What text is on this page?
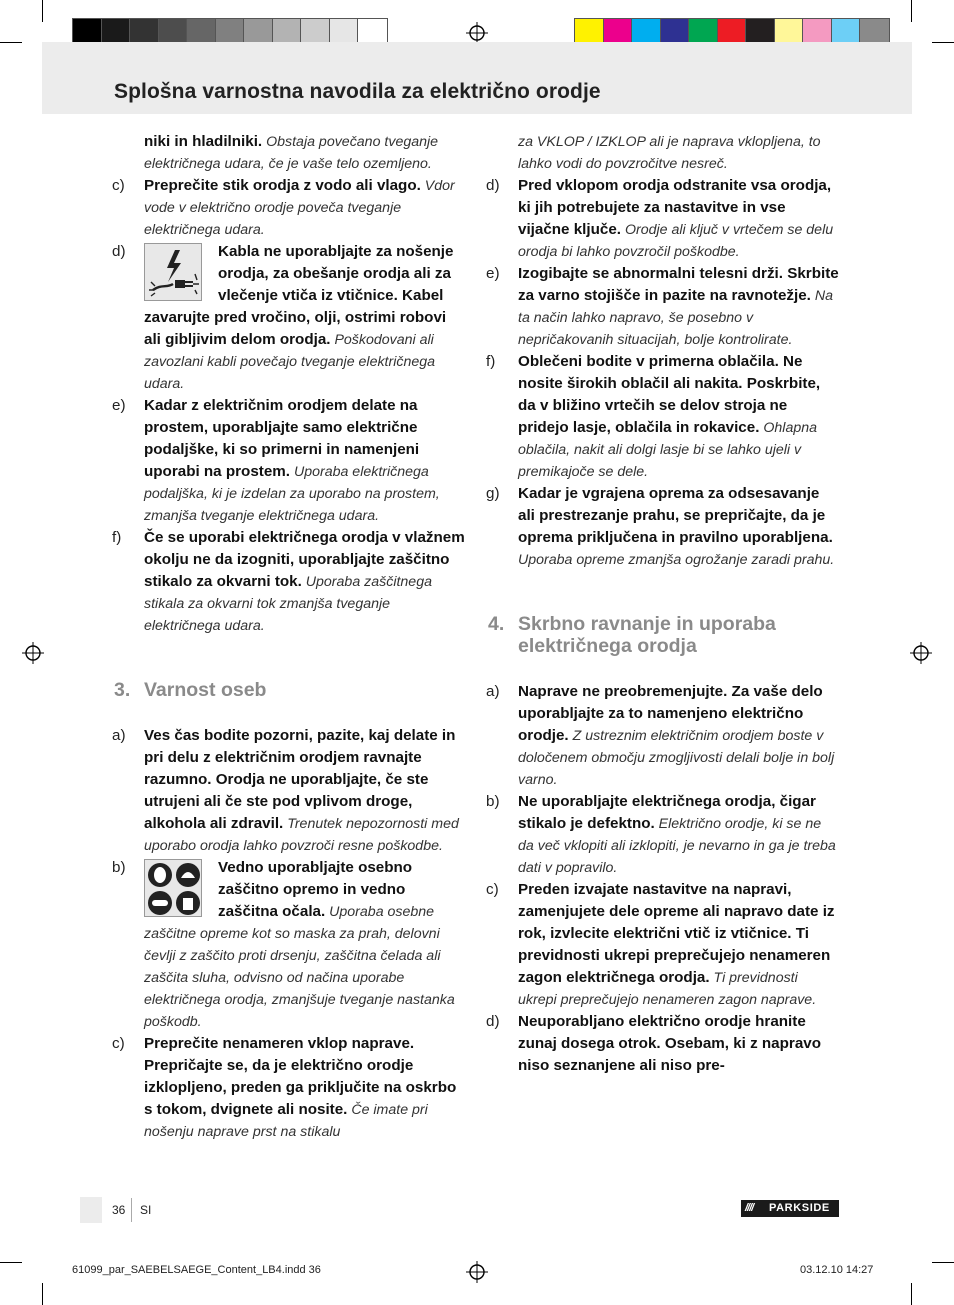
Splošna varnostna navodila za električno orodje
niki in hladilniki. Obstaja povečano tveganje električnega udara, če je vaše telo ozemljeno.
c)	Preprečite stik orodja z vodo ali vlago. Vdor vode v električno orodje poveča tveganje električnega udara.
d)	Kabla ne uporabljajte za nošenje orodja, za obešanje orodja ali za vlečenje vtiča iz vtičnice. Kabel zavarujte pred vročino, olji, ostrimi robovi ali gibljivim delom orodja. Poškodovani ali zavozlani kabli povečajo tveganje električnega udara.
e)	Kadar z električnim orodjem delate na prostem, uporabljajte samo električne podaljške, ki so primerni in namenjeni uporabi na prostem. Uporaba električnega podaljška, ki je izdelan za uporabo na prostem, zmanjša tveganje električnega udara.
f)	Če se uporabi električnega orodja v vlažnem okolju ne da izogniti, uporabljajte zaščitno stikalo za okvarni tok. Uporaba zaščitnega stikala za okvarni tok zmanjša tveganje električnega udara.
3. Varnost oseb
a)	Ves čas bodite pozorni, pazite, kaj delate in pri delu z električnim orodjem ravnajte razumno. Orodja ne uporabljajte, če ste utrujeni ali če ste pod vplivom droge, alkohola ali zdravil. Trenutek nepozornosti med uporabo orodja lahko povzroči resne poškodbe.
b)	Vedno uporabljajte osebno zaščitno opremo in vedno zaščitna očala. Uporaba osebne zaščitne opreme kot so maska za prah, delovni čevlji z zaščito proti drsenju, zaščitna čelada ali zaščita sluha, odvisno od načina uporabe električnega orodja, zmanjšuje tveganje nastanka poškodb.
c)	Preprečite nenameren vklop naprave. Prepričajte se, da je električno orodje izklopljeno, preden ga priključite na oskrbo s tokom, dvignete ali nosite. Če imate pri nošenju naprave prst na stikalu
za VKLOP / IZKLOP ali je naprava vklopljena, to lahko vodi do povzročitve nesreč.
d)	Pred vklopom orodja odstranite vsa orodja, ki jih potrebujete za nastavitve in vse vijačne ključe. Orodje ali ključ v vrtečem se delu orodja bi lahko povzročil poškodbe.
e)	Izogibajte se abnormalni telesni drži. Skrbite za varno stojišče in pazite na ravnotežje. Na ta način lahko napravo, še posebno v nepričakovanih situacijah, bolje kontrolirate.
f)	Oblečeni bodite v primerna oblačila. Ne nosite širokih oblačil ali nakita. Poskrbite, da v bližino vrtečih se delov stroja ne pridejo lasje, oblačila in rokavice. Ohlapna oblačila, nakit ali dolgi lasje bi se lahko ujeli v premikajoče se dele.
g)	Kadar je vgrajena oprema za odsesavanje ali prestrezanje prahu, se prepričajte, da je oprema priključena in pravilno uporabljena. Uporaba opreme zmanjša ogrožanje zaradi prahu.
4. Skrbno ravnanje in uporaba električnega orodja
a)	Naprave ne preobremenjujte. Za vaše delo uporabljajte za to namenjeno električno orodje. Z ustreznim električnim orodjem boste v določenem območju zmogljivosti delali bolje in bolj varno.
b)	Ne uporabljajte električnega orodja, čigar stikalo je defektno. Električno orodje, ki se ne da več vklopiti ali izklopiti, je nevarno in ga je treba dati v popravilo.
c)	Preden izvajate nastavitve na napravi, zamenjujete dele opreme ali napravo date iz rok, izvlecite električni vtič iz vtičnice. Ti previdnosti ukrepi preprečujejo nenameren zagon električnega orodja. Ti previdnosti ukrepi preprečujejo nenameren zagon naprave.
d)	Neuporabljano električno orodje hranite zunaj dosega otrok. Osebam, ki z napravo niso seznanjene ali niso pre-
36 SI	////	PARKSIDE
61099_par_SAEBELSAEGE_Content_LB4.indd 36	03.12.10 14:27
